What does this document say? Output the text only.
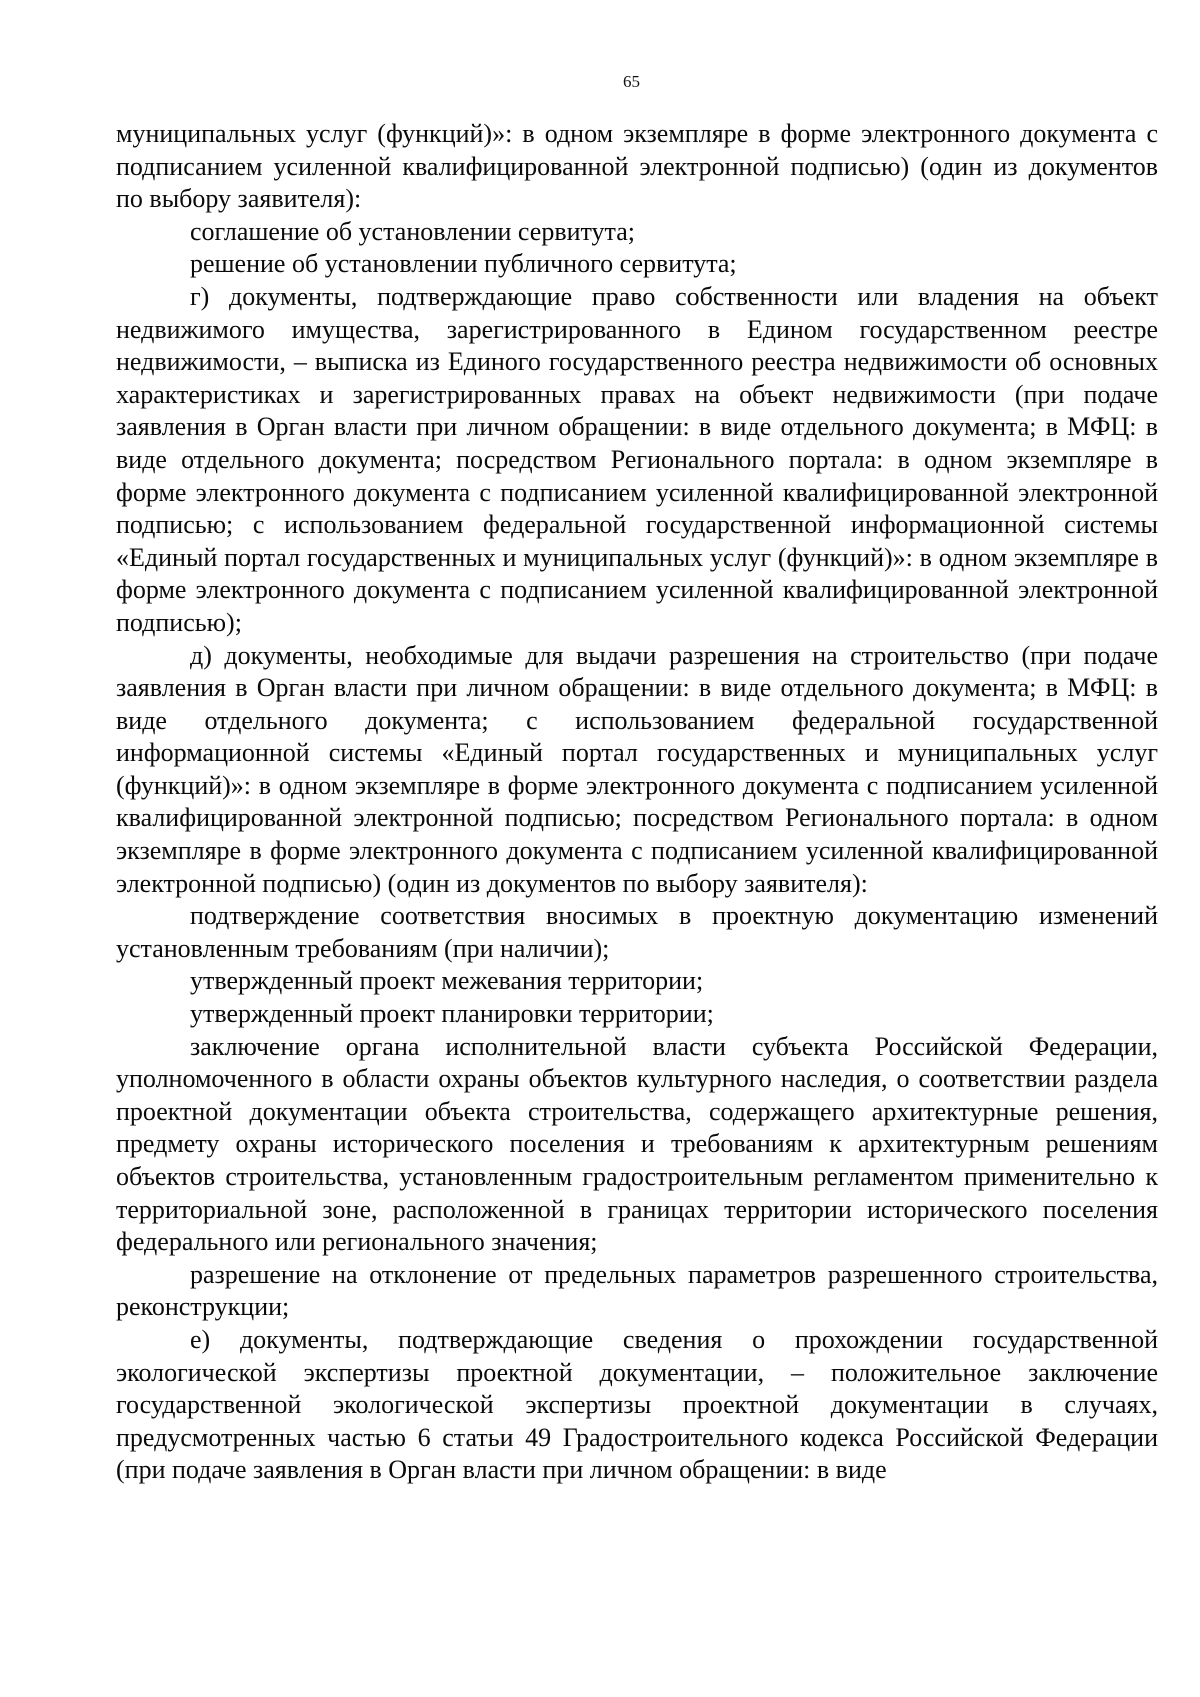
65

муниципальных услуг (функций)»: в одном экземпляре в форме электронного документа с подписанием усиленной квалифицированной электронной подписью) (один из документов по выбору заявителя):

соглашение об установлении сервитута;

решение об установлении публичного сервитута;

г) документы, подтверждающие право собственности или владения на объект недвижимого имущества, зарегистрированного в Едином государственном реестре недвижимости, – выписка из Единого государственного реестра недвижимости об основных характеристиках и зарегистрированных правах на объект недвижимости (при подаче заявления в Орган власти при личном обращении: в виде отдельного документа; в МФЦ: в виде отдельного документа; посредством Регионального портала: в одном экземпляре в форме электронного документа с подписанием усиленной квалифицированной электронной подписью; с использованием федеральной государственной информационной системы «Единый портал государственных и муниципальных услуг (функций)»: в одном экземпляре в форме электронного документа с подписанием усиленной квалифицированной электронной подписью);

д) документы, необходимые для выдачи разрешения на строительство (при подаче заявления в Орган власти при личном обращении: в виде отдельного документа; в МФЦ: в виде отдельного документа; с использованием федеральной государственной информационной системы «Единый портал государственных и муниципальных услуг (функций)»: в одном экземпляре в форме электронного документа с подписанием усиленной квалифицированной электронной подписью; посредством Регионального портала: в одном экземпляре в форме электронного документа с подписанием усиленной квалифицированной электронной подписью) (один из документов по выбору заявителя):

подтверждение соответствия вносимых в проектную документацию изменений установленным требованиям (при наличии);

утвержденный проект межевания территории;

утвержденный проект планировки территории;

заключение органа исполнительной власти субъекта Российской Федерации, уполномоченного в области охраны объектов культурного наследия, о соответствии раздела проектной документации объекта строительства, содержащего архитектурные решения, предмету охраны исторического поселения и требованиям к архитектурным решениям объектов строительства, установленным градостроительным регламентом применительно к территориальной зоне, расположенной в границах территории исторического поселения федерального или регионального значения;

разрешение на отклонение от предельных параметров разрешенного строительства, реконструкции;

е) документы, подтверждающие сведения о прохождении государственной экологической экспертизы проектной документации, – положительное заключение государственной экологической экспертизы проектной документации в случаях, предусмотренных частью 6 статьи 49 Градостроительного кодекса Российской Федерации (при подаче заявления в Орган власти при личном обращении: в виде
